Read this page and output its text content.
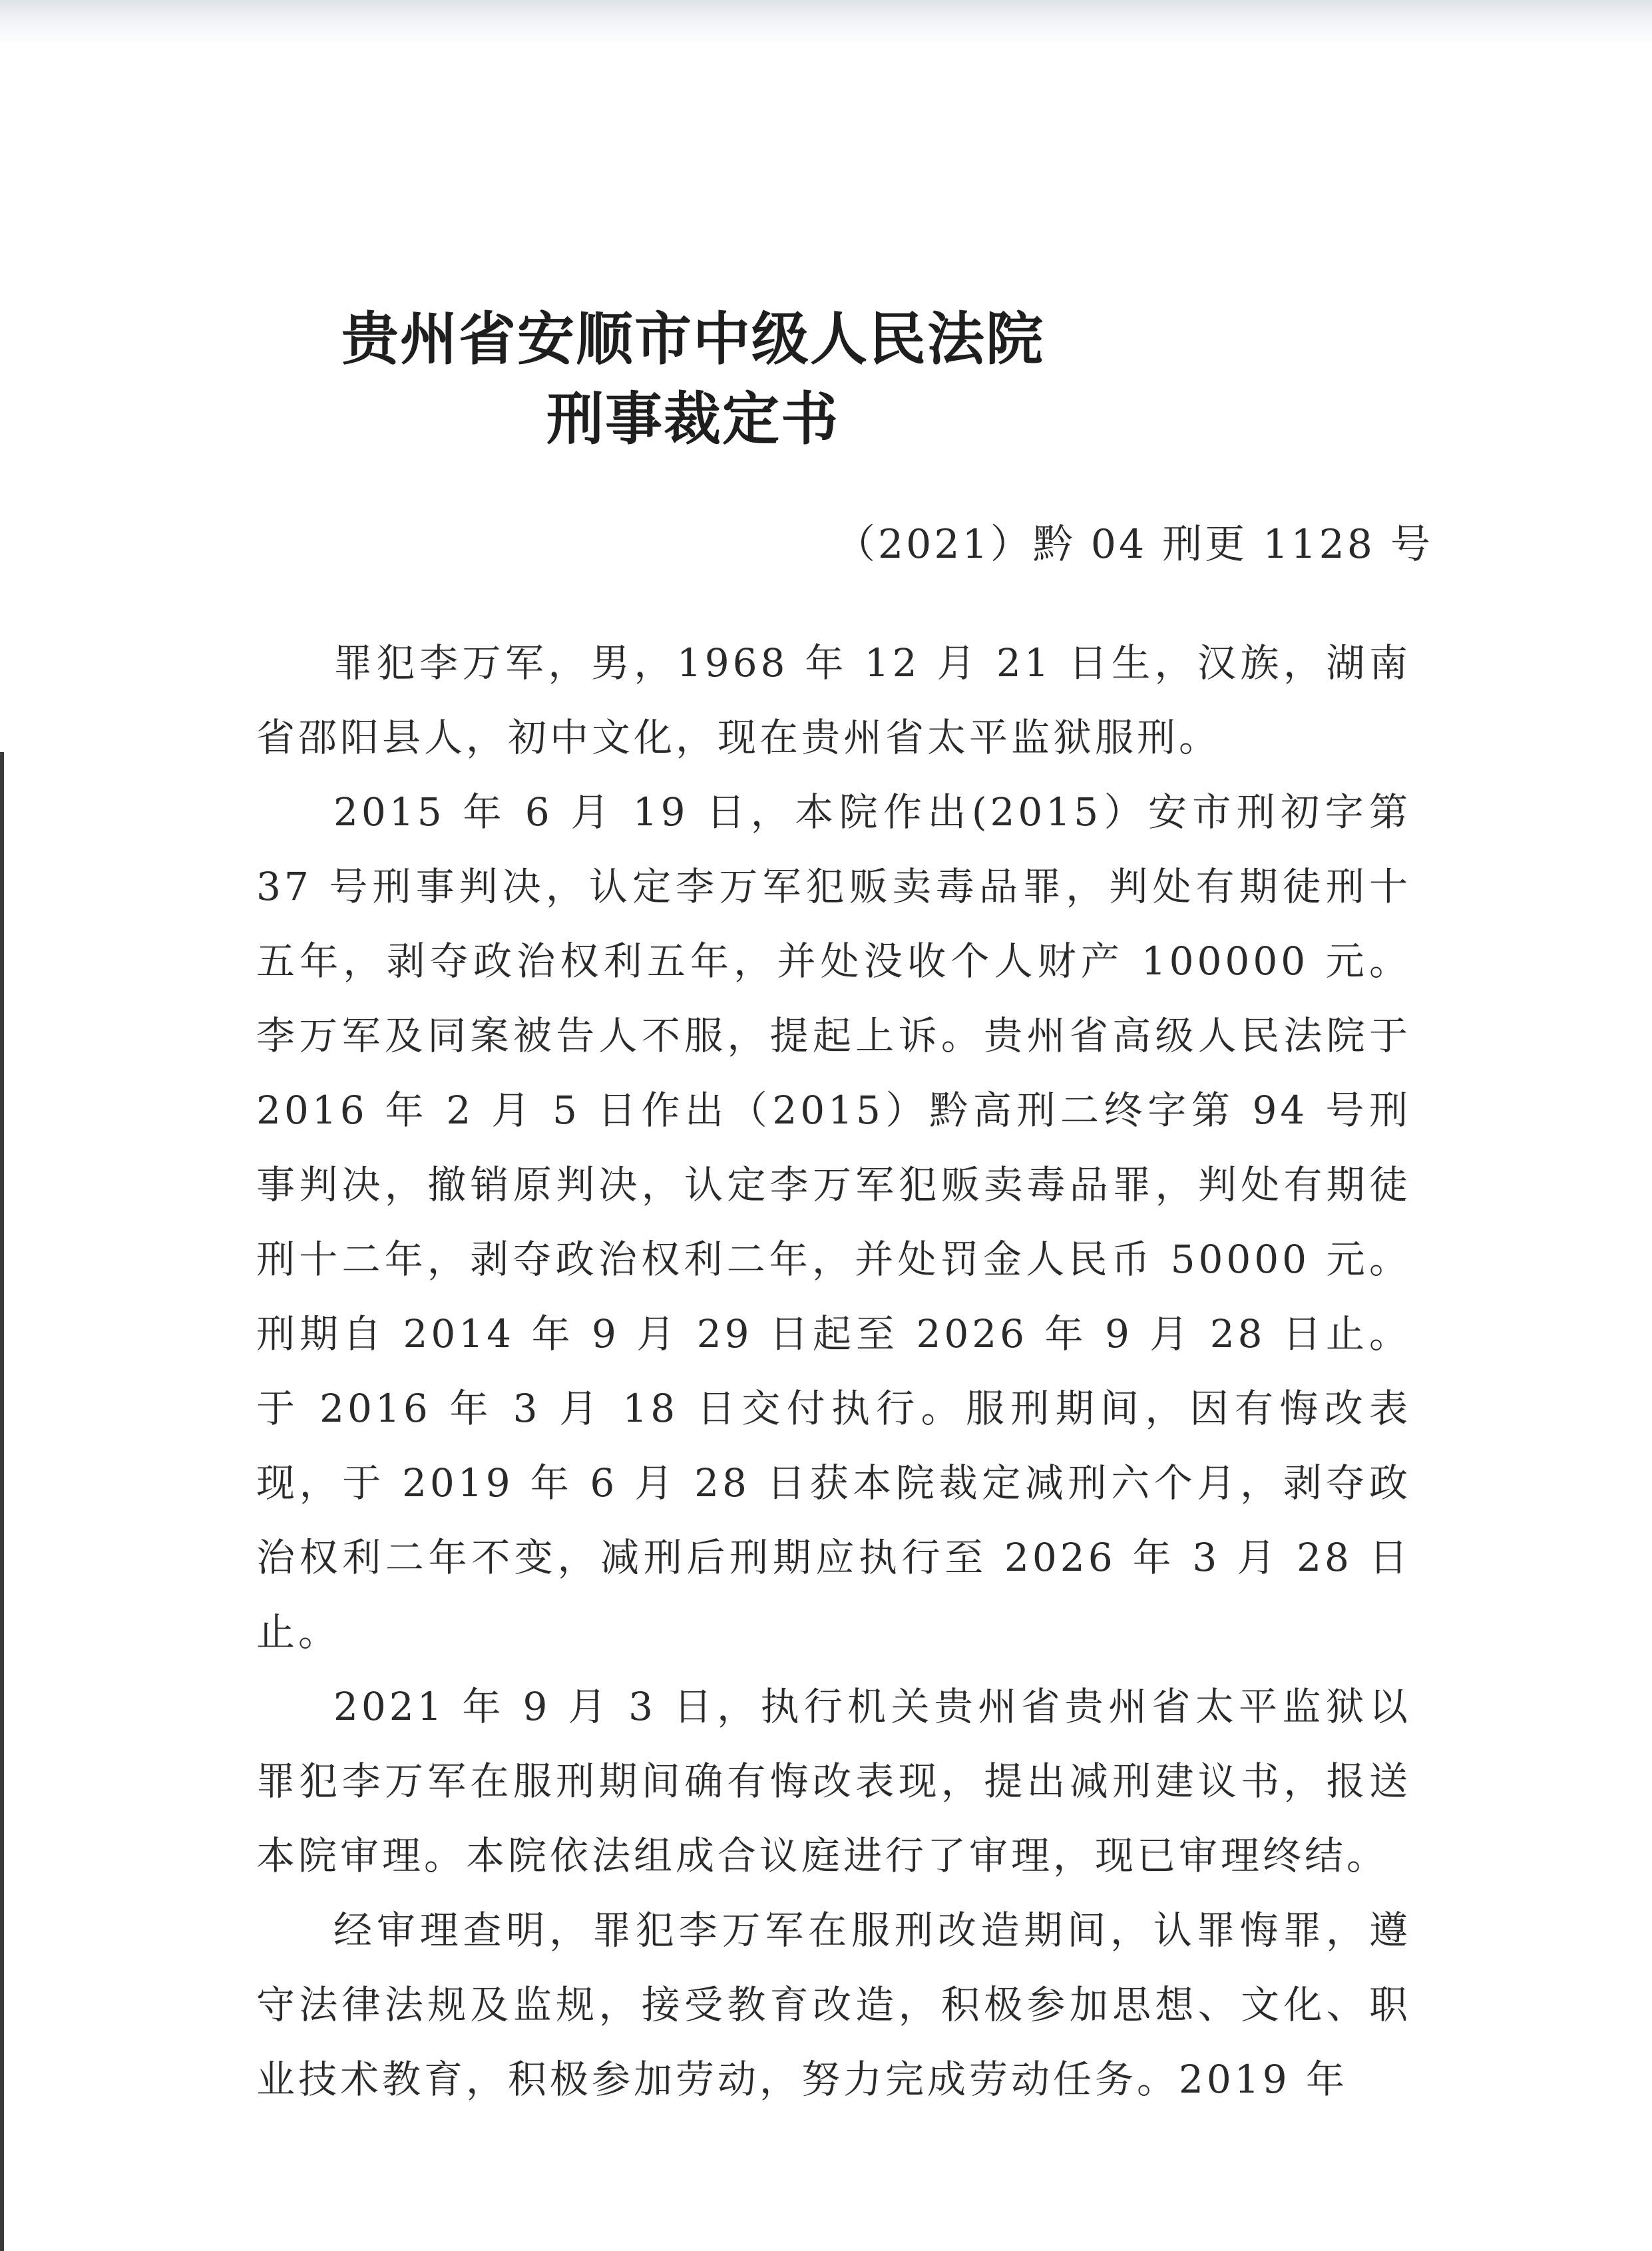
贵州省安顺市中级人民法院
刑事裁定书
（2021）黔 04 刑更 1128 号

罪犯李万军，男，1968 年 12 月 21 日生，汉族，湖南省邵阳县人，初中文化，现在贵州省太平监狱服刑。

2015 年 6 月 19 日，本院作出(2015）安市刑初字第 37 号刑事判决，认定李万军犯贩卖毒品罪，判处有期徒刑十五年，剥夺政治权利五年，并处没收个人财产 100000 元。李万军及同案被告人不服，提起上诉。贵州省高级人民法院于 2016 年 2 月 5 日作出（2015）黔高刑二终字第 94 号刑事判决，撤销原判决，认定李万军犯贩卖毒品罪，判处有期徒刑十二年，剥夺政治权利二年，并处罚金人民币 50000 元。刑期自 2014 年 9 月 29 日起至 2026 年 9 月 28 日止。于 2016 年 3 月 18 日交付执行。服刑期间，因有悔改表现，于 2019 年 6 月 28 日获本院裁定减刑六个月，剥夺政治权利二年不变，减刑后刑期应执行至 2026 年 3 月 28 日止。

2021 年 9 月 3 日，执行机关贵州省贵州省太平监狱以罪犯李万军在服刑期间确有悔改表现，提出减刑建议书，报送本院审理。本院依法组成合议庭进行了审理，现已审理终结。

经审理查明，罪犯李万军在服刑改造期间，认罪悔罪，遵守法律法规及监规，接受教育改造，积极参加思想、文化、职业技术教育，积极参加劳动，努力完成劳动任务。2019 年
